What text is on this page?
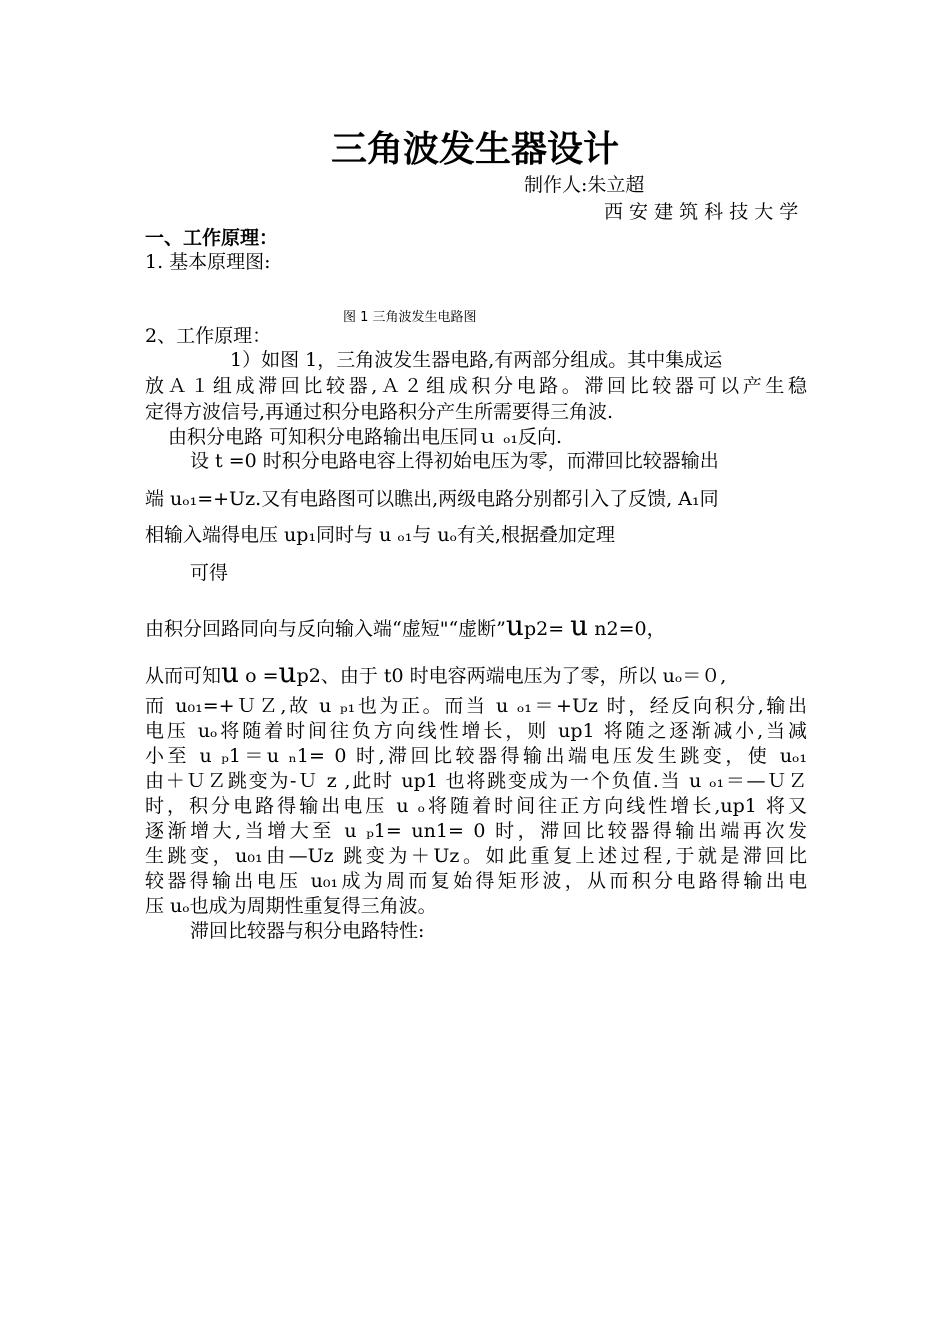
三角波发生器设计
制作人:朱立超
西 安 建 筑 科 技 大 学
一、工作原理：
1. 基本原理图:
图 1 三角波发生电路图
2、工作原理：
1）如图 1，三角波发生器电路,有两部分组成。其中集成运
放Ａ１组成滞回比较器,Ａ２组成积分电路。滞回比较器可以产生稳
定得方波信号,再通过积分电路积分产生所需要得三角波.
由积分电路 可知积分电路输出电压同ｕ ₒ₁反向.
设 t =0 时积分电路电容上得初始电压为零，而滞回比较器输出
端 uₒ₁=+Uz.又有电路图可以瞧出,两级电路分别都引入了反馈, A₁同
相输入端得电压 up₁同时与 u ₒ₁与 uₒ有关,根据叠加定理
可得
由积分回路同向与反向输入端“虚短"“虚断”up2= u n2=0，
从而可知u o =up2、由于 t0 时电容两端电压为了零，所以 uₒ＝０,
而 u₀₁=+ＵＺ,故 u ₚ₁也为正。而当 u ₒ₁＝+Uz 时，经反向积分,输出
电压 uₒ将随着时间往负方向线性增长，则 up1 将随之逐渐减小,当减
小至 u ₚ1＝u ₙ1= 0 时,滞回比较器得输出端电压发生跳变，使 uₒ₁
由＋ＵＺ跳变为-Ｕ z ,此时 up1 也将跳变成为一个负值.当 u ₒ₁＝—ＵＺ
时，积分电路得输出电压 u ₒ将随着时间往正方向线性增长,up1 将又
逐渐增大,当增大至 u ₚ1= un1= 0 时，滞回比较器得输出端再次发
生跳变，u₀₁由—Uz 跳变为＋Uz。如此重复上述过程,于就是滞回比
较器得输出电压 u₀₁成为周而复始得矩形波，从而积分电路得输出电
压 uₒ也成为周期性重复得三角波。
滞回比较器与积分电路特性:
